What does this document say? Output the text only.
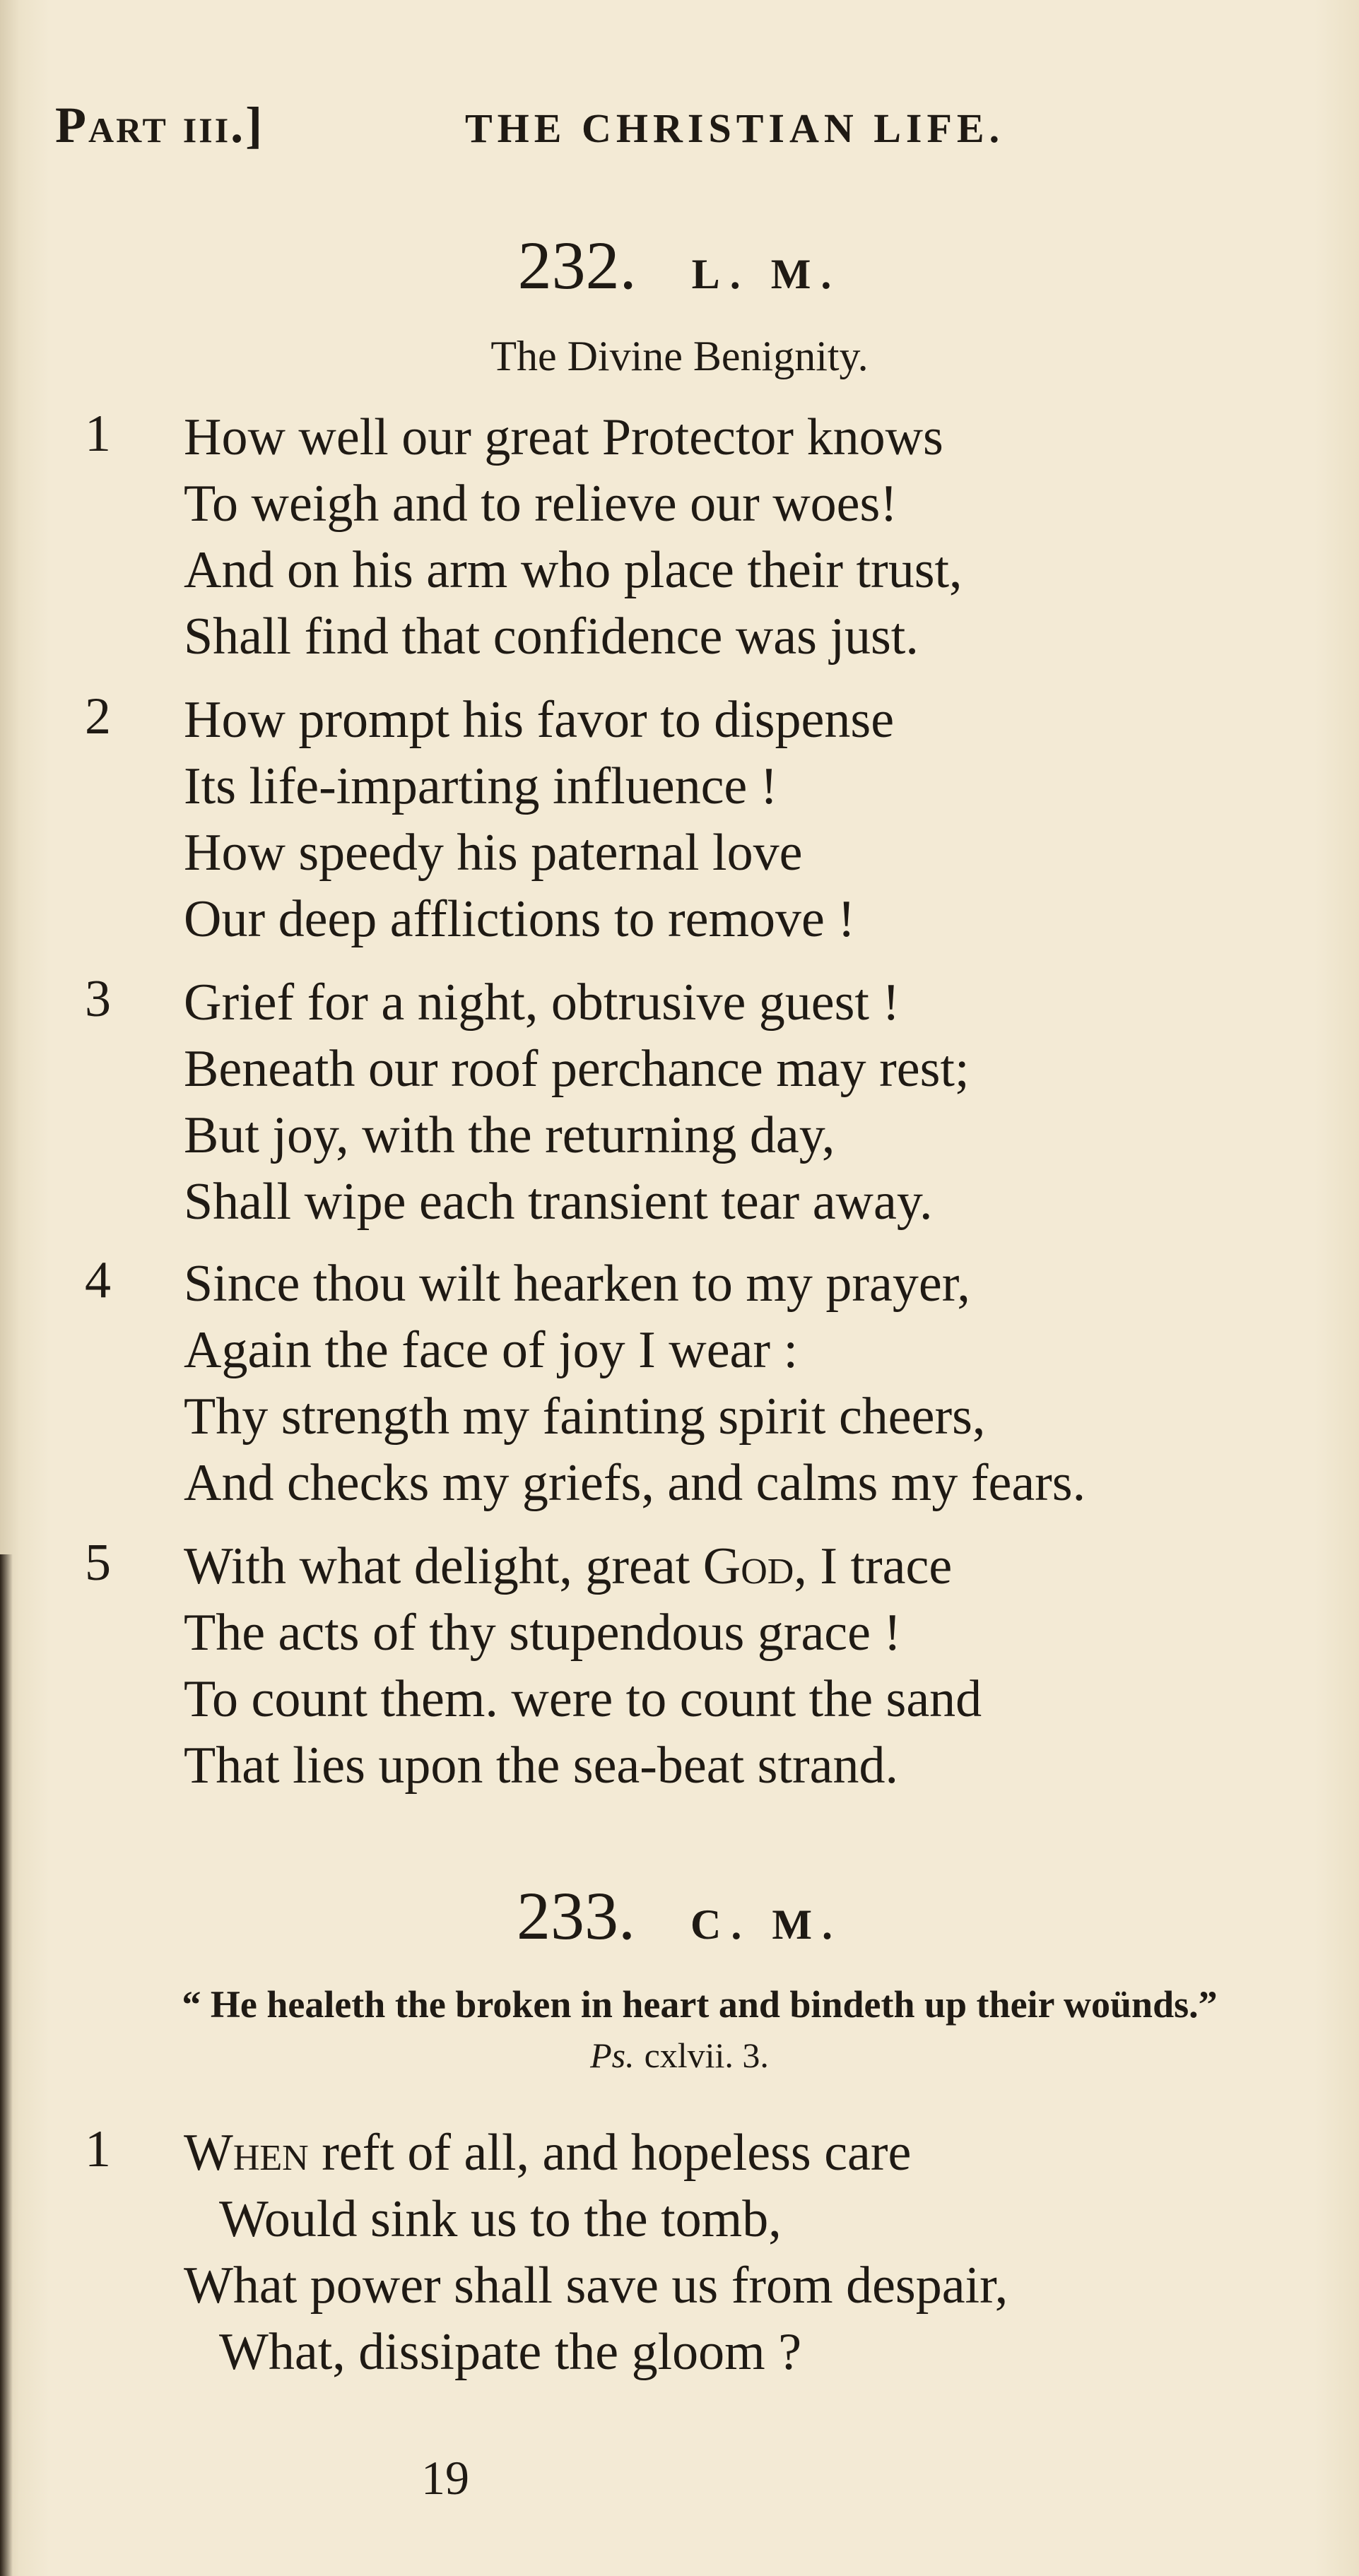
Part iii.]	THE CHRISTIAN LIFE.
232. L. M.
The Divine Benignity.
1	How well our great Protector knows
To weigh and to relieve our woes!
And on his arm who place their trust,
Shall find that confidence was just.
2	How prompt his favor to dispense
Its life-imparting influence !
How speedy his paternal love
Our deep afflictions to remove !
3	Grief for a night, obtrusive guest !
Beneath our roof perchance may rest;
But joy, with the returning day,
Shall wipe each transient tear away.
4	Since thou wilt hearken to my prayer,
Again the face of joy I wear :
Thy strength my fainting spirit cheers,
And checks my griefs, and calms my fears.
5	With what delight, great God, I trace
The acts of thy stupendous grace !
To count them. were to count the sand
That lies upon the sea-beat strand.
233. C. M.
“ He healeth the broken in heart and bindeth up their woünds.”
Ps. cxlvii. 3.
1	When reft of all, and hopeless care
Would sink us to the tomb,
What power shall save us from despair,
What, dissipate the gloom ?
19
